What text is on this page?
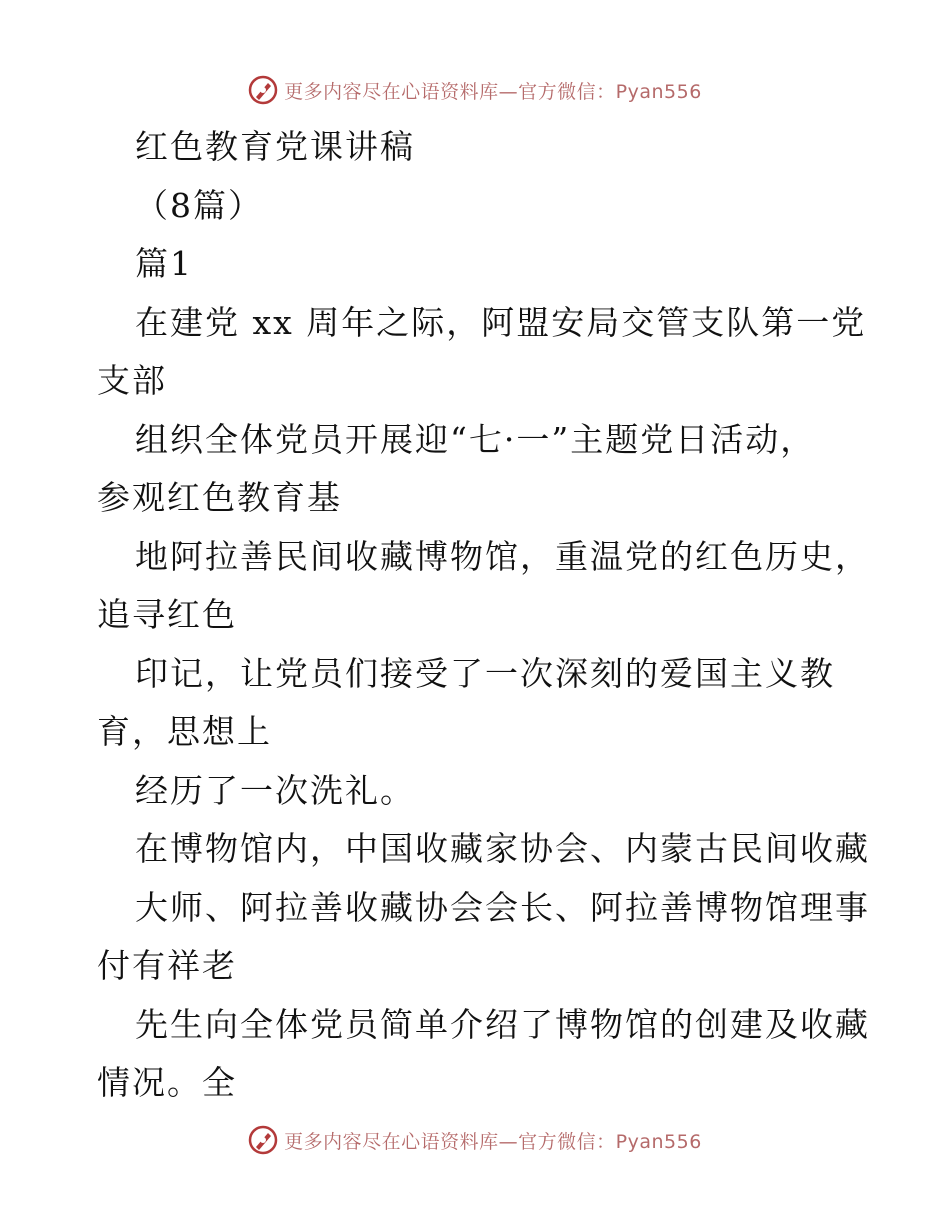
更多内容尽在心语资料库—官方微信：Pyan556
红色教育党课讲稿
（8篇）
篇1
在建党 xx 周年之际，阿盟安局交管支队第一党
支部
组织全体党员开展迎“七·一”主题党日活动，
参观红色教育基
地阿拉善民间收藏博物馆，重温党的红色历史，
追寻红色
印记，让党员们接受了一次深刻的爱国主义教
育，思想上
经历了一次洗礼。
在博物馆内，中国收藏家协会、内蒙古民间收藏
大师、阿拉善收藏协会会长、阿拉善博物馆理事
付有祥老
先生向全体党员简单介绍了博物馆的创建及收藏
情况。全
更多内容尽在心语资料库—官方微信：Pyan556
